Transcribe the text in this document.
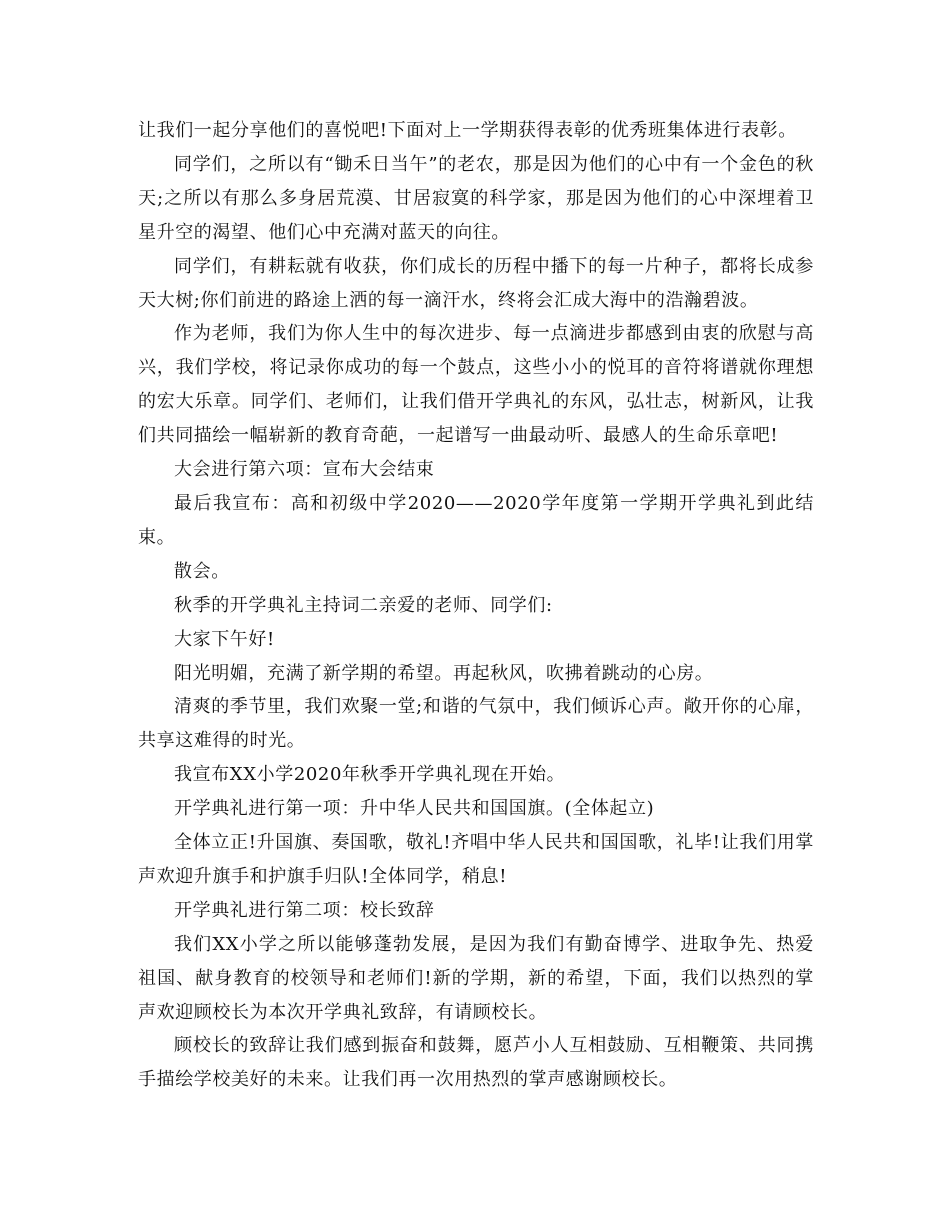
让我们一起分享他们的喜悦吧!下面对上一学期获得表彰的优秀班集体进行表彰。

同学们，之所以有“锄禾日当午”的老农，那是因为他们的心中有一个金色的秋天;之所以有那么多身居荒漠、甘居寂寞的科学家，那是因为他们的心中深埋着卫星升空的渴望、他们心中充满对蓝天的向往。

同学们，有耕耘就有收获，你们成长的历程中播下的每一片种子，都将长成参天大树;你们前进的路途上洒的每一滴汗水，终将会汇成大海中的浩瀚碧波。

作为老师，我们为你人生中的每次进步、每一点滴进步都感到由衷的欣慰与高兴，我们学校，将记录你成功的每一个鼓点，这些小小的悦耳的音符将谱就你理想的宏大乐章。同学们、老师们，让我们借开学典礼的东风，弘壮志，树新风，让我们共同描绘一幅崭新的教育奇葩，一起谱写一曲最动听、最感人的生命乐章吧!

大会进行第六项：宣布大会结束

最后我宣布：高和初级中学2020——2020学年度第一学期开学典礼到此结束。

散会。

秋季的开学典礼主持词二亲爱的老师、同学们:

大家下午好!

阳光明媚，充满了新学期的希望。再起秋风，吹拂着跳动的心房。

清爽的季节里，我们欢聚一堂;和谐的气氛中，我们倾诉心声。敞开你的心扉，共享这难得的时光。

我宣布XX小学2020年秋季开学典礼现在开始。

开学典礼进行第一项：升中华人民共和国国旗。(全体起立)

全体立正!升国旗、奏国歌，敬礼!齐唱中华人民共和国国歌，礼毕!让我们用掌声欢迎升旗手和护旗手归队!全体同学，稍息!

开学典礼进行第二项：校长致辞

我们XX小学之所以能够蓬勃发展，是因为我们有勤奋博学、进取争先、热爱祖国、献身教育的校领导和老师们!新的学期，新的希望，下面，我们以热烈的掌声欢迎顾校长为本次开学典礼致辞，有请顾校长。

顾校长的致辞让我们感到振奋和鼓舞，愿芦小人互相鼓励、互相鞭策、共同携手描绘学校美好的未来。让我们再一次用热烈的掌声感谢顾校长。
